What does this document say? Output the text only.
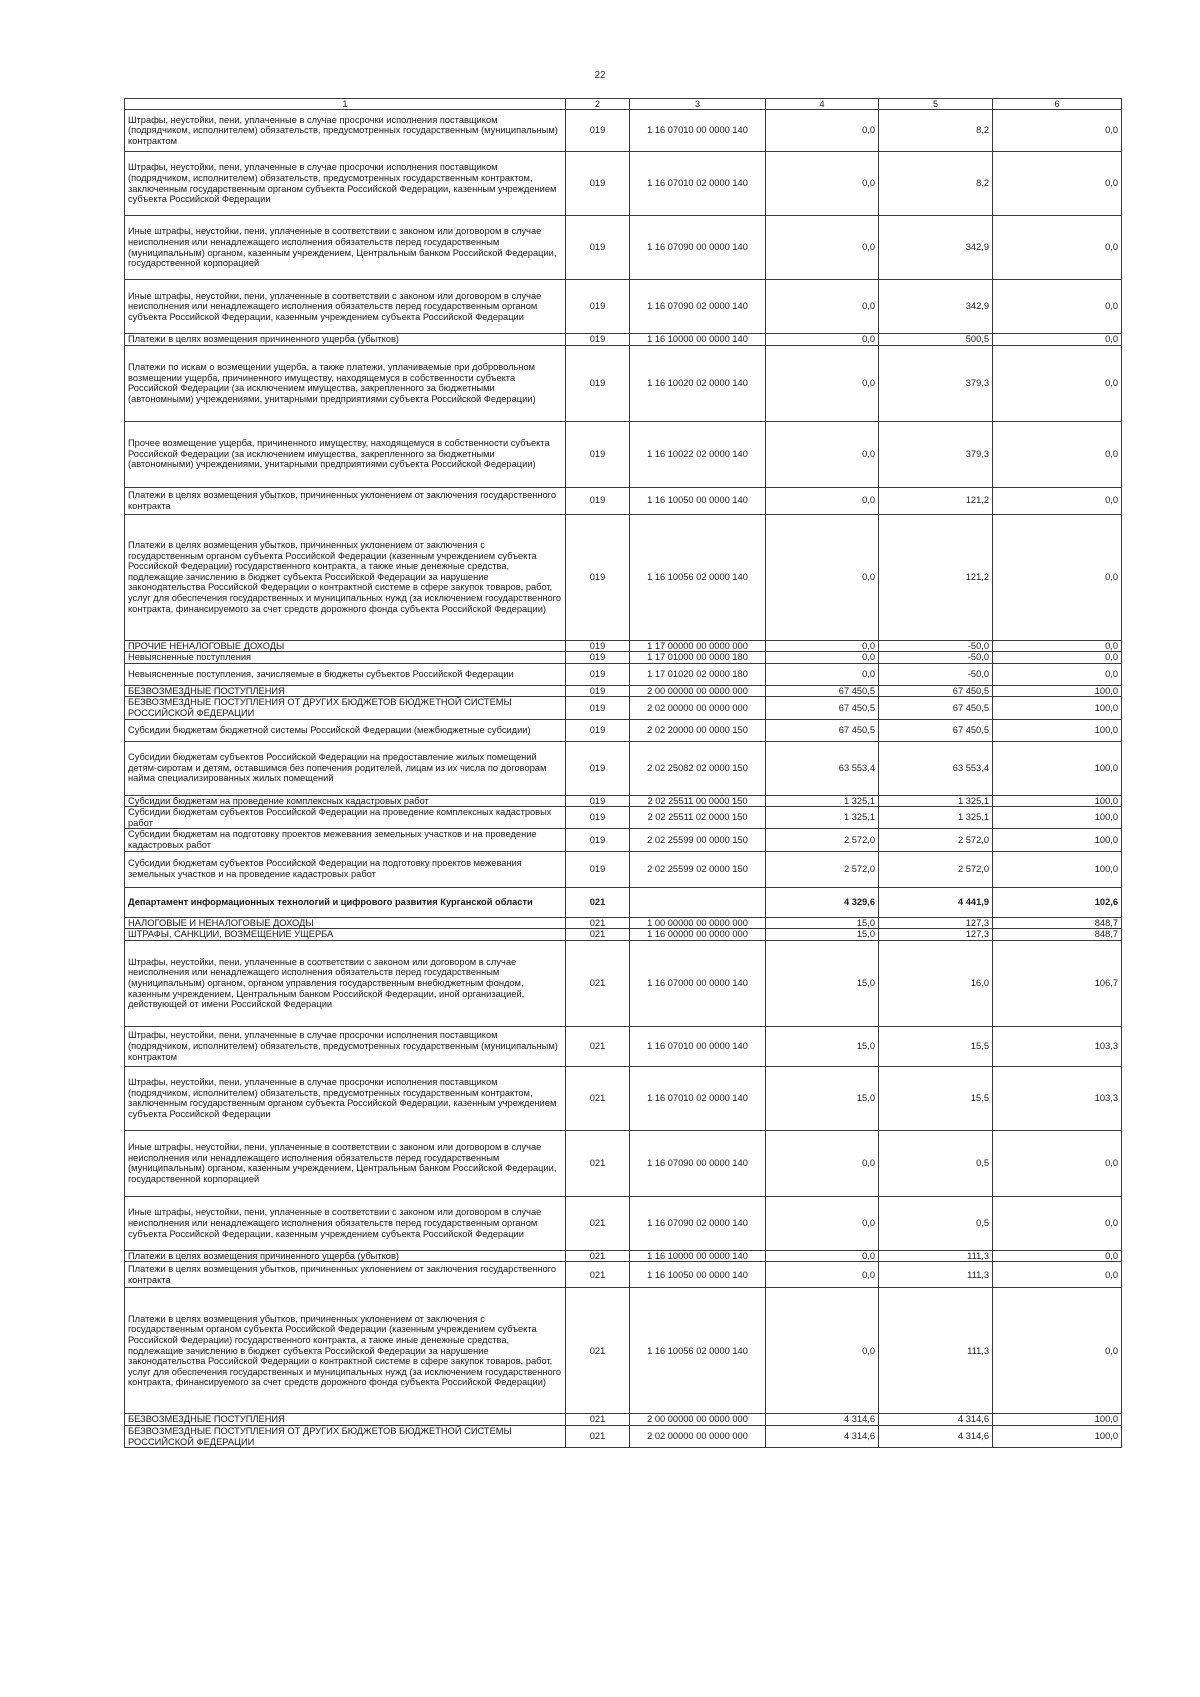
22
1	2	3	4	5	6
Штрафы, неустойки, пени, уплаченные в случае просрочки исполнения поставщиком (подрядчиком, исполнителем) обязательств, предусмотренных государственным (муниципальным) контрактом	019	1 16 07010 00 0000 140	0,0	8,2	0,0
Штрафы, неустойки, пени, уплаченные в случае просрочки исполнения поставщиком (подрядчиком, исполнителем) обязательств, предусмотренных государственным контрактом, заключенным государственным органом субъекта Российской Федерации, казенным учреждением субъекта Российской Федерации	019	1 16 07010 02 0000 140	0,0	8,2	0,0
Иные штрафы, неустойки, пени, уплаченные в соответствии с законом или договором в случае неисполнения или ненадлежащего исполнения обязательств перед государственным (муниципальным) органом, казенным учреждением, Центральным банком Российской Федерации, государственной корпорацией	019	1 16 07090 00 0000 140	0,0	342,9	0,0
Иные штрафы, неустойки, пени, уплаченные в соответствии с законом или договором в случае неисполнения или ненадлежащего исполнения обязательств перед государственным органом субъекта Российской Федерации, казенным учреждением субъекта Российской Федерации	019	1 16 07090 02 0000 140	0,0	342,9	0,0
Платежи в целях возмещения причиненного ущерба (убытков)	019	1 16 10000 00 0000 140	0,0	500,5	0,0
Платежи по искам о возмещении ущерба, а также платежи, уплачиваемые при добровольном возмещении ущерба, причиненного имуществу, находящемуся в собственности субъекта Российской Федерации (за исключением имущества, закрепленного за бюджетными (автономными) учреждениями, унитарными предприятиями субъекта Российской Федерации)	019	1 16 10020 02 0000 140	0,0	379,3	0,0
Прочее возмещение ущерба, причиненного имуществу, находящемуся в собственности субъекта Российской Федерации (за исключением имущества, закрепленного за бюджетными (автономными) учреждениями, унитарными предприятиями субъекта Российской Федерации)	019	1 16 10022 02 0000 140	0,0	379,3	0,0
Платежи в целях возмещения убытков, причиненных уклонением от заключения государственного контракта	019	1 16 10050 00 0000 140	0,0	121,2	0,0
Платежи в целях возмещения убытков, причиненных уклонением от заключения с государственным органом субъекта Российской Федерации (казенным учреждением субъекта Российской Федерации) государственного контракта, а также иные денежные средства, подлежащие зачислению в бюджет субъекта Российской Федерации за нарушение законодательства Российской Федерации о контрактной системе в сфере закупок товаров, работ, услуг для обеспечения государственных и муниципальных нужд (за исключением государственного контракта, финансируемого за счет средств дорожного фонда субъекта Российской Федерации)	019	1 16 10056 02 0000 140	0,0	121,2	0,0
ПРОЧИЕ НЕНАЛОГОВЫЕ ДОХОДЫ	019	1 17 00000 00 0000 000	0,0	-50,0	0,0
Невыясненные поступления	019	1 17 01000 00 0000 180	0,0	-50,0	0,0
Невыясненные поступления, зачисляемые в бюджеты субъектов Российской Федерации	019	1 17 01020 02 0000 180	0,0	-50,0	0,0
БЕЗВОЗМЕЗДНЫЕ ПОСТУПЛЕНИЯ	019	2 00 00000 00 0000 000	67 450,5	67 450,5	100,0
БЕЗВОЗМЕЗДНЫЕ ПОСТУПЛЕНИЯ ОТ ДРУГИХ БЮДЖЕТОВ БЮДЖЕТНОЙ СИСТЕМЫ РОССИЙСКОЙ ФЕДЕРАЦИИ	019	2 02 00000 00 0000 000	67 450,5	67 450,5	100,0
Субсидии бюджетам бюджетной системы Российской Федерации (межбюджетные субсидии)	019	2 02 20000 00 0000 150	67 450,5	67 450,5	100,0
Субсидии бюджетам субъектов Российской Федерации на предоставление жилых помещений детям-сиротам и детям, оставшимся без попечения родителей, лицам из их числа по договорам найма специализированных жилых помещений	019	2 02 25082 02 0000 150	63 553,4	63 553,4	100,0
Субсидии бюджетам на проведение комплексных кадастровых работ	019	2 02 25511 00 0000 150	1 325,1	1 325,1	100,0
Субсидии бюджетам субъектов Российской Федерации на проведение комплексных кадастровых работ	019	2 02 25511 02 0000 150	1 325,1	1 325,1	100,0
Субсидии бюджетам на подготовку проектов межевания земельных участков и на проведение кадастровых работ	019	2 02 25599 00 0000 150	2 572,0	2 572,0	100,0
Субсидии бюджетам субъектов Российской Федерации на подготовку проектов межевания земельных участков и на проведение кадастровых работ	019	2 02 25599 02 0000 150	2 572,0	2 572,0	100,0
Департамент информационных технологий и цифрового развития Курганской области	021		4 329,6	4 441,9	102,6
НАЛОГОВЫЕ И НЕНАЛОГОВЫЕ ДОХОДЫ	021	1 00 00000 00 0000 000	15,0	127,3	848,7
ШТРАФЫ, САНКЦИИ, ВОЗМЕЩЕНИЕ УЩЕРБА	021	1 16 00000 00 0000 000	15,0	127,3	848,7
Штрафы, неустойки, пени, уплаченные в соответствии с законом или договором в случае неисполнения или ненадлежащего исполнения обязательств перед государственным (муниципальным) органом, органом управления государственным внебюджетным фондом, казенным учреждением, Центральным банком Российской Федерации, иной организацией, действующей от имени Российской Федерации	021	1 16 07000 00 0000 140	15,0	16,0	106,7
Штрафы, неустойки, пени, уплаченные в случае просрочки исполнения поставщиком (подрядчиком, исполнителем) обязательств, предусмотренных государственным (муниципальным) контрактом	021	1 16 07010 00 0000 140	15,0	15,5	103,3
Штрафы, неустойки, пени, уплаченные в случае просрочки исполнения поставщиком (подрядчиком, исполнителем) обязательств, предусмотренных государственным контрактом, заключенным государственным органом субъекта Российской Федерации, казенным учреждением субъекта Российской Федерации	021	1 16 07010 02 0000 140	15,0	15,5	103,3
Иные штрафы, неустойки, пени, уплаченные в соответствии с законом или договором в случае неисполнения или ненадлежащего исполнения обязательств перед государственным (муниципальным) органом, казенным учреждением, Центральным банком Российской Федерации, государственной корпорацией	021	1 16 07090 00 0000 140	0,0	0,5	0,0
Иные штрафы, неустойки, пени, уплаченные в соответствии с законом или договором в случае неисполнения или ненадлежащего исполнения обязательств перед государственным органом субъекта Российской Федерации, казенным учреждением субъекта Российской Федерации	021	1 16 07090 02 0000 140	0,0	0,5	0,0
Платежи в целях возмещения причиненного ущерба (убытков)	021	1 16 10000 00 0000 140	0,0	111,3	0,0
Платежи в целях возмещения убытков, причиненных уклонением от заключения государственного контракта	021	1 16 10050 00 0000 140	0,0	111,3	0,0
Платежи в целях возмещения убытков, причиненных уклонением от заключения с государственным органом субъекта Российской Федерации (казенным учреждением субъекта Российской Федерации) государственного контракта, а также иные денежные средства, подлежащие зачислению в бюджет субъекта Российской Федерации за нарушение законодательства Российской Федерации о контрактной системе в сфере закупок товаров, работ, услуг для обеспечения государственных и муниципальных нужд (за исключением государственного контракта, финансируемого за счет средств дорожного фонда субъекта Российской Федерации)	021	1 16 10056 02 0000 140	0,0	111,3	0,0
БЕЗВОЗМЕЗДНЫЕ ПОСТУПЛЕНИЯ	021	2 00 00000 00 0000 000	4 314,6	4 314,6	100,0
БЕЗВОЗМЕЗДНЫЕ ПОСТУПЛЕНИЯ ОТ ДРУГИХ БЮДЖЕТОВ БЮДЖЕТНОЙ СИСТЕМЫ РОССИЙСКОЙ ФЕДЕРАЦИИ	021	2 02 00000 00 0000 000	4 314,6	4 314,6	100,0
